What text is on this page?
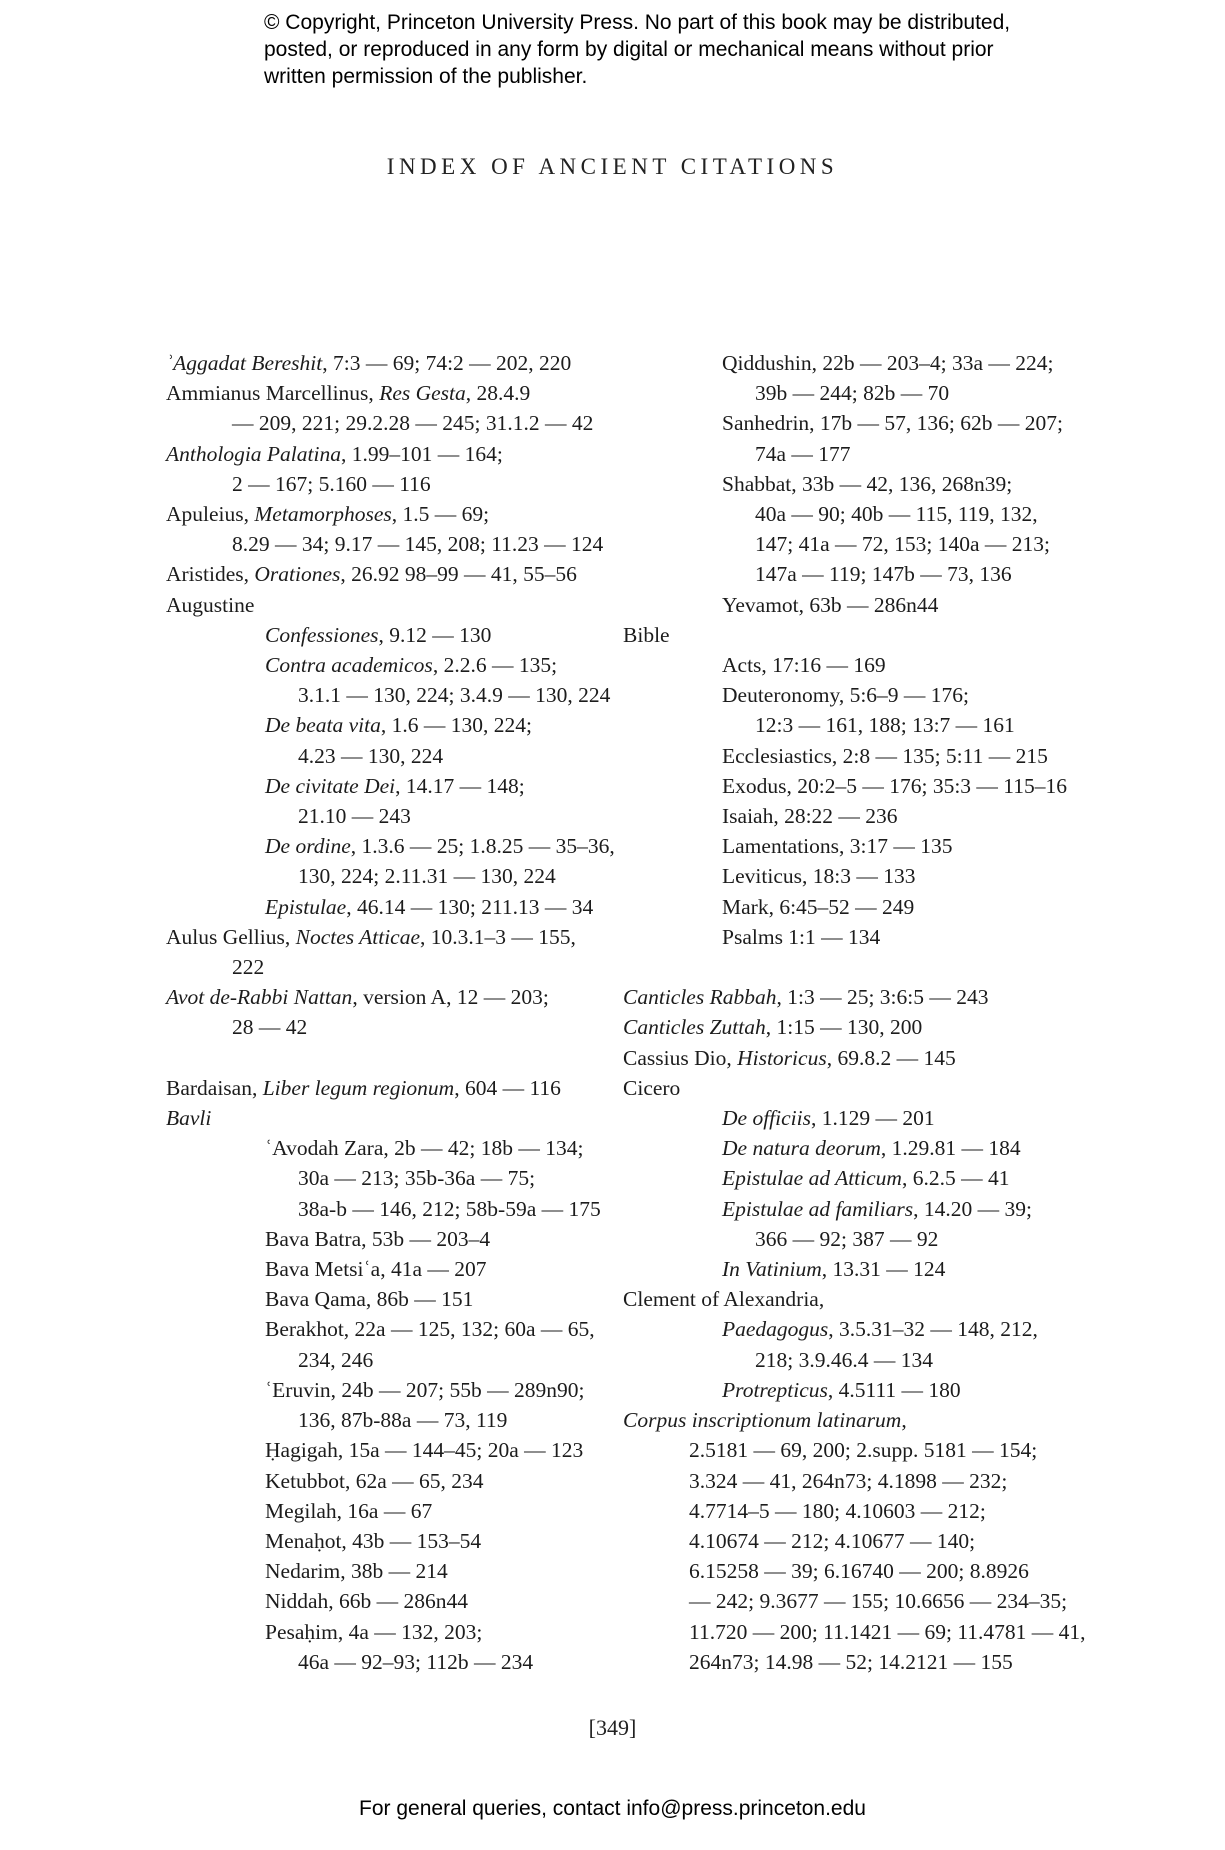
© Copyright, Princeton University Press. No part of this book may be distributed, posted, or reproduced in any form by digital or mechanical means without prior written permission of the publisher.
INDEX OF ANCIENT CITATIONS
ʾAggadat Bereshit, 7:3 — 69; 74:2 — 202, 220
Ammianus Marcellinus, Res Gesta, 28.4.9
— 209, 221; 29.2.28 — 245; 31.1.2 — 42
Anthologia Palatina, 1.99–101 — 164;
2 — 167; 5.160 — 116
Apuleius, Metamorphoses, 1.5 — 69;
8.29 — 34; 9.17 — 145, 208; 11.23 — 124
Aristides, Orationes, 26.92 98–99 — 41, 55–56
Augustine
Confessiones, 9.12 — 130
Contra academicos, 2.2.6 — 135;
3.1.1 — 130, 224; 3.4.9 — 130, 224
De beata vita, 1.6 — 130, 224;
4.23 — 130, 224
De civitate Dei, 14.17 — 148;
21.10 — 243
De ordine, 1.3.6 — 25; 1.8.25 — 35–36,
130, 224; 2.11.31 — 130, 224
Epistulae, 46.14 — 130; 211.13 — 34
Aulus Gellius, Noctes Atticae, 10.3.1–3 — 155,
222
Avot de-Rabbi Nattan, version A, 12 — 203;
28 — 42
Bardaisan, Liber legum regionum, 604 — 116
Bavli
ʿAvodah Zara, 2b — 42; 18b — 134;
30a — 213; 35b-36a — 75;
38a-b — 146, 212; 58b-59a — 175
Bava Batra, 53b — 203–4
Bava Metsiʿa, 41a — 207
Bava Qama, 86b — 151
Berakhot, 22a — 125, 132; 60a — 65,
234, 246
ʿEruvin, 24b — 207; 55b — 289n90;
136, 87b-88a — 73, 119
Ḥagigah, 15a — 144–45; 20a — 123
Ketubbot, 62a — 65, 234
Megilah, 16a — 67
Menaḥot, 43b — 153–54
Nedarim, 38b — 214
Niddah, 66b — 286n44
Pesaḥim, 4a — 132, 203;
46a — 92–93; 112b — 234
Qiddushin, 22b — 203–4; 33a — 224;
39b — 244; 82b — 70
Sanhedrin, 17b — 57, 136; 62b — 207;
74a — 177
Shabbat, 33b — 42, 136, 268n39;
40a — 90; 40b — 115, 119, 132,
147; 41a — 72, 153; 140a — 213;
147a — 119; 147b — 73, 136
Yevamot, 63b — 286n44
Bible
Acts, 17:16 — 169
Deuteronomy, 5:6–9 — 176;
12:3 — 161, 188; 13:7 — 161
Ecclesiastics, 2:8 — 135; 5:11 — 215
Exodus, 20:2–5 — 176; 35:3 — 115–16
Isaiah, 28:22 — 236
Lamentations, 3:17 — 135
Leviticus, 18:3 — 133
Mark, 6:45–52 — 249
Psalms 1:1 — 134
Canticles Rabbah, 1:3 — 25; 3:6:5 — 243
Canticles Zuttah, 1:15 — 130, 200
Cassius Dio, Historicus, 69.8.2 — 145
Cicero
De officiis, 1.129 — 201
De natura deorum, 1.29.81 — 184
Epistulae ad Atticum, 6.2.5 — 41
Epistulae ad familiars, 14.20 — 39;
366 — 92; 387 — 92
In Vatinium, 13.31 — 124
Clement of Alexandria,
Paedagogus, 3.5.31–32 — 148, 212,
218; 3.9.46.4 — 134
Protrepticus, 4.5111 — 180
Corpus inscriptionum latinarum,
2.5181 — 69, 200; 2.supp. 5181 — 154;
3.324 — 41, 264n73; 4.1898 — 232;
4.7714–5 — 180; 4.10603 — 212;
4.10674 — 212; 4.10677 — 140;
6.15258 — 39; 6.16740 — 200; 8.8926
— 242; 9.3677 — 155; 10.6656 — 234–35;
11.720 — 200; 11.1421 — 69; 11.4781 — 41,
264n73; 14.98 — 52; 14.2121 — 155
[349]
For general queries, contact info@press.princeton.edu
